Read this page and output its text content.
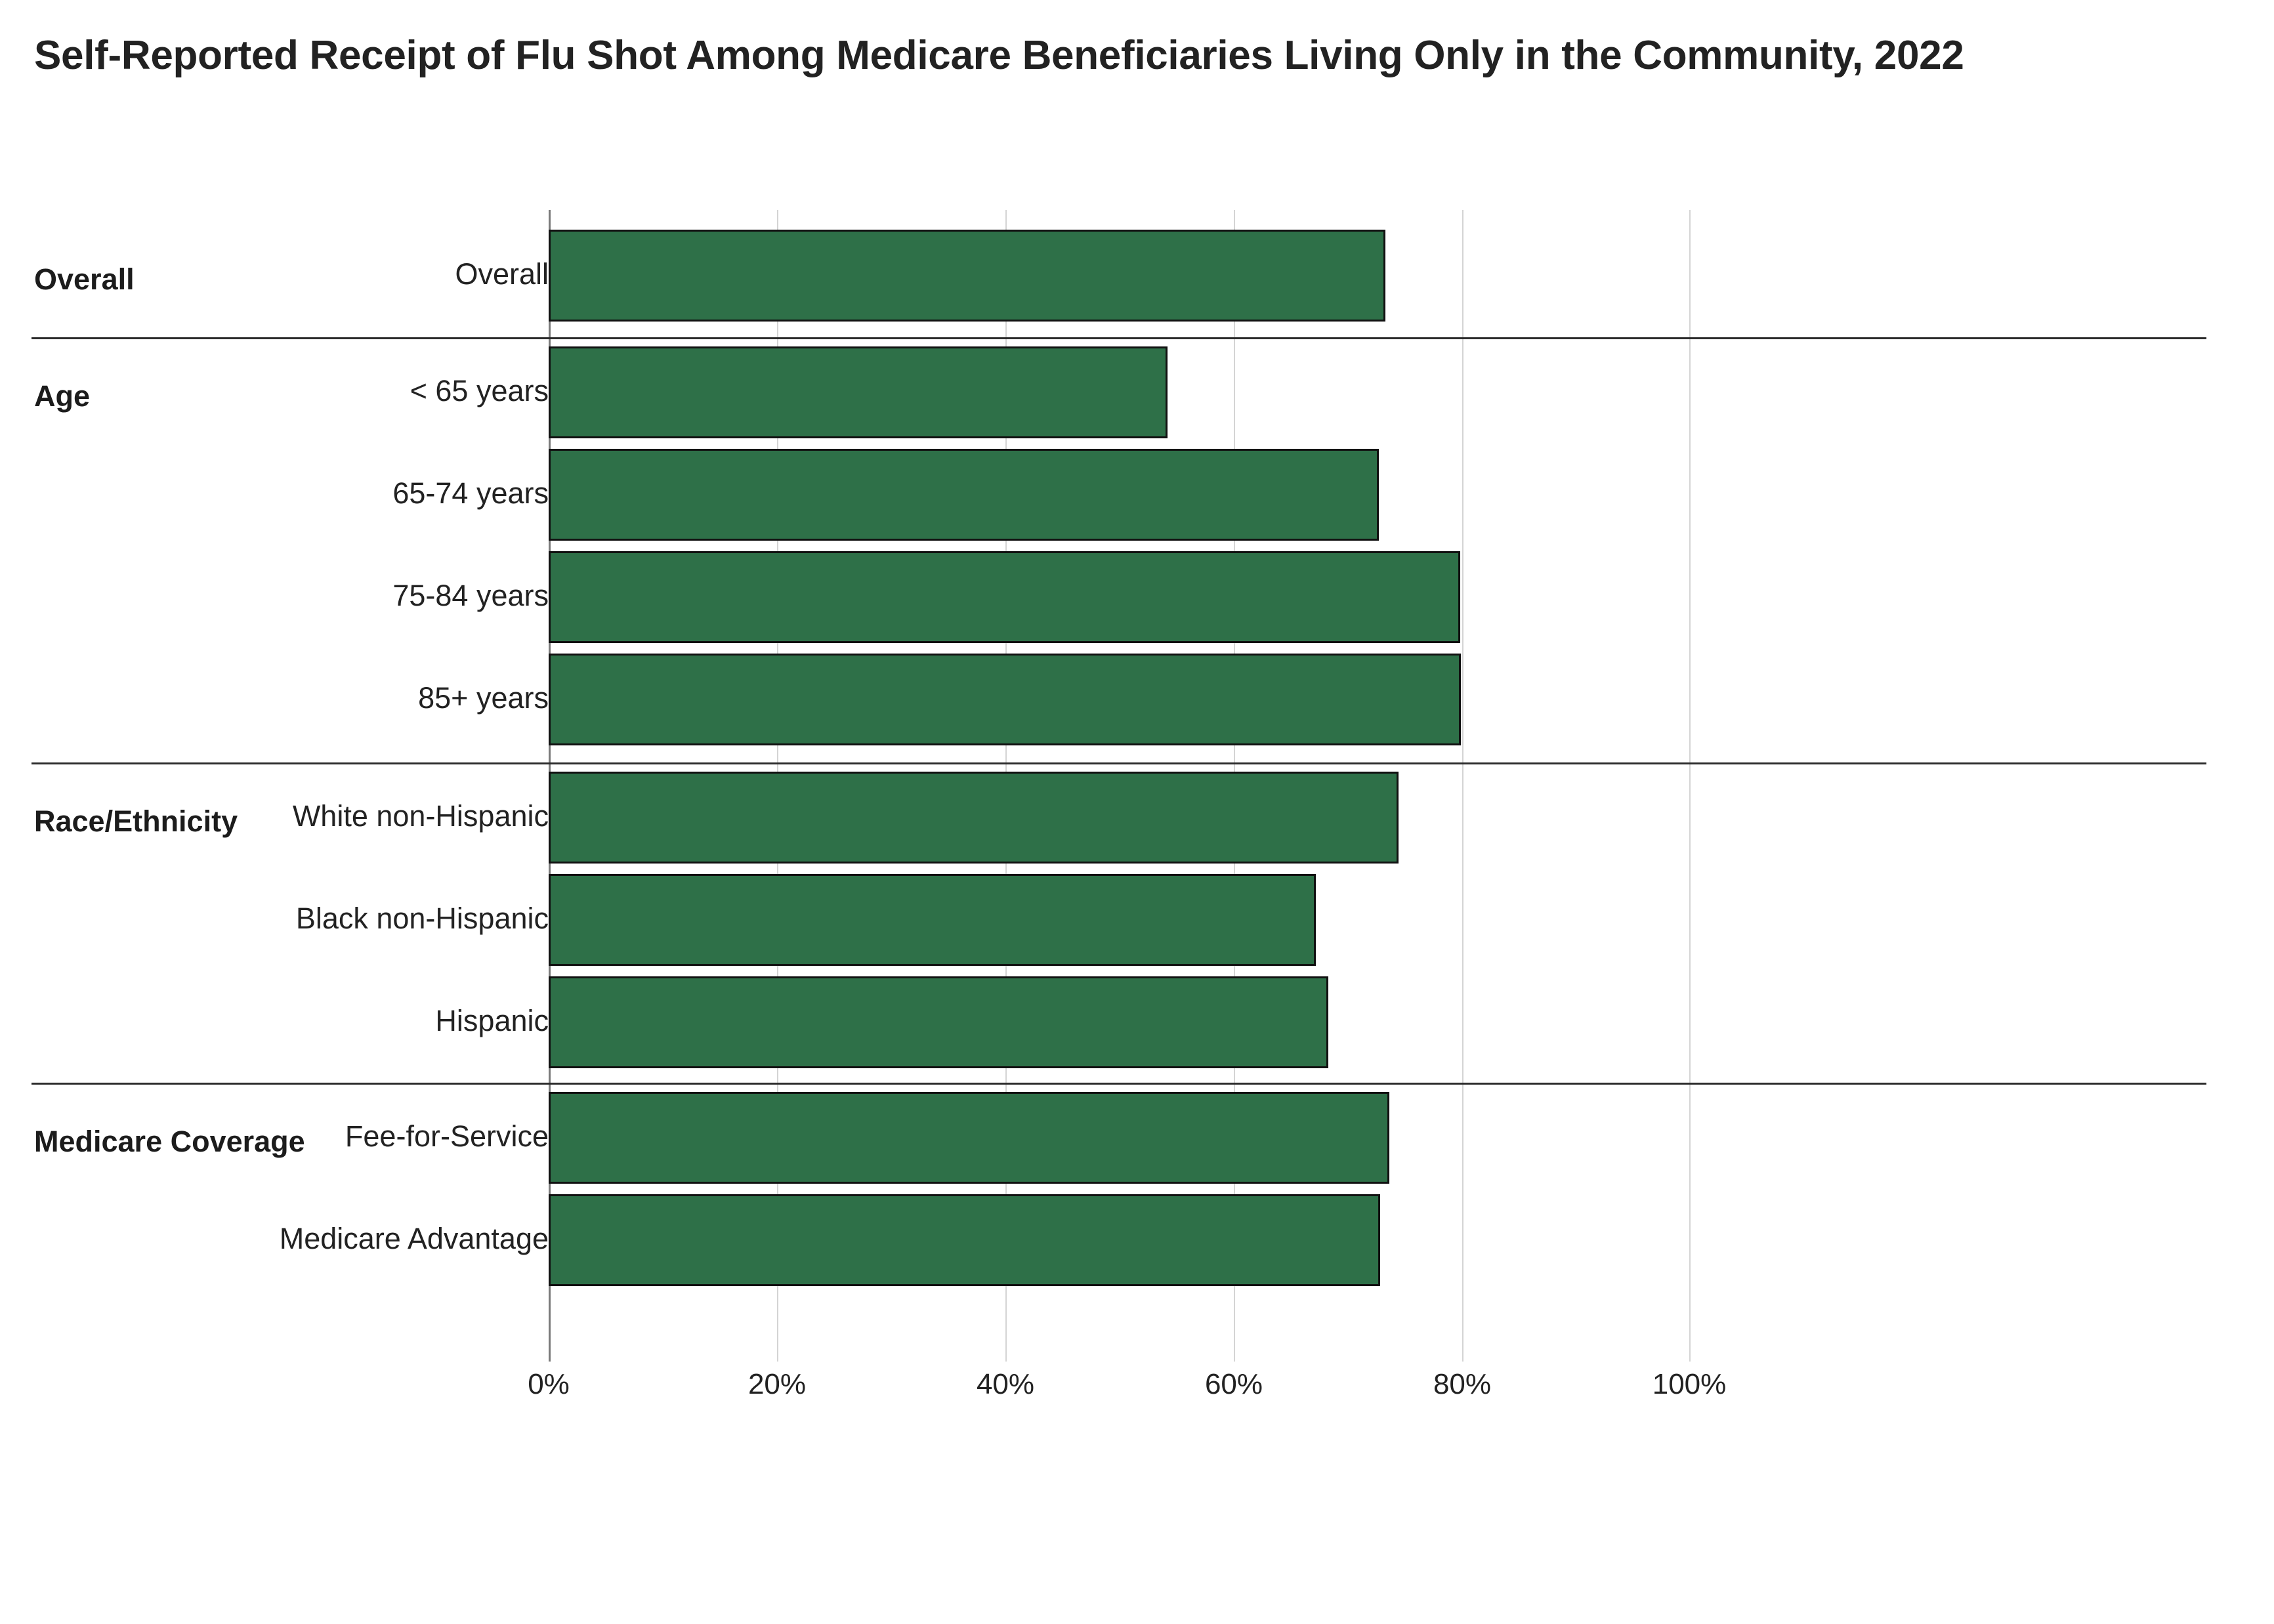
Self-Reported Receipt of Flu Shot Among Medicare Beneficiaries Living Only in the Community, 2022
Overall	Overall
Age	< 65 years
65-74 years
75-84 years
85+ years
Race/Ethnicity White non-Hispanic
Black non-Hispanic
Hispanic
Medicare Coverage Fee-for-Service
Medicare Advantage
0%	20%	40%	60%	80%	100%
